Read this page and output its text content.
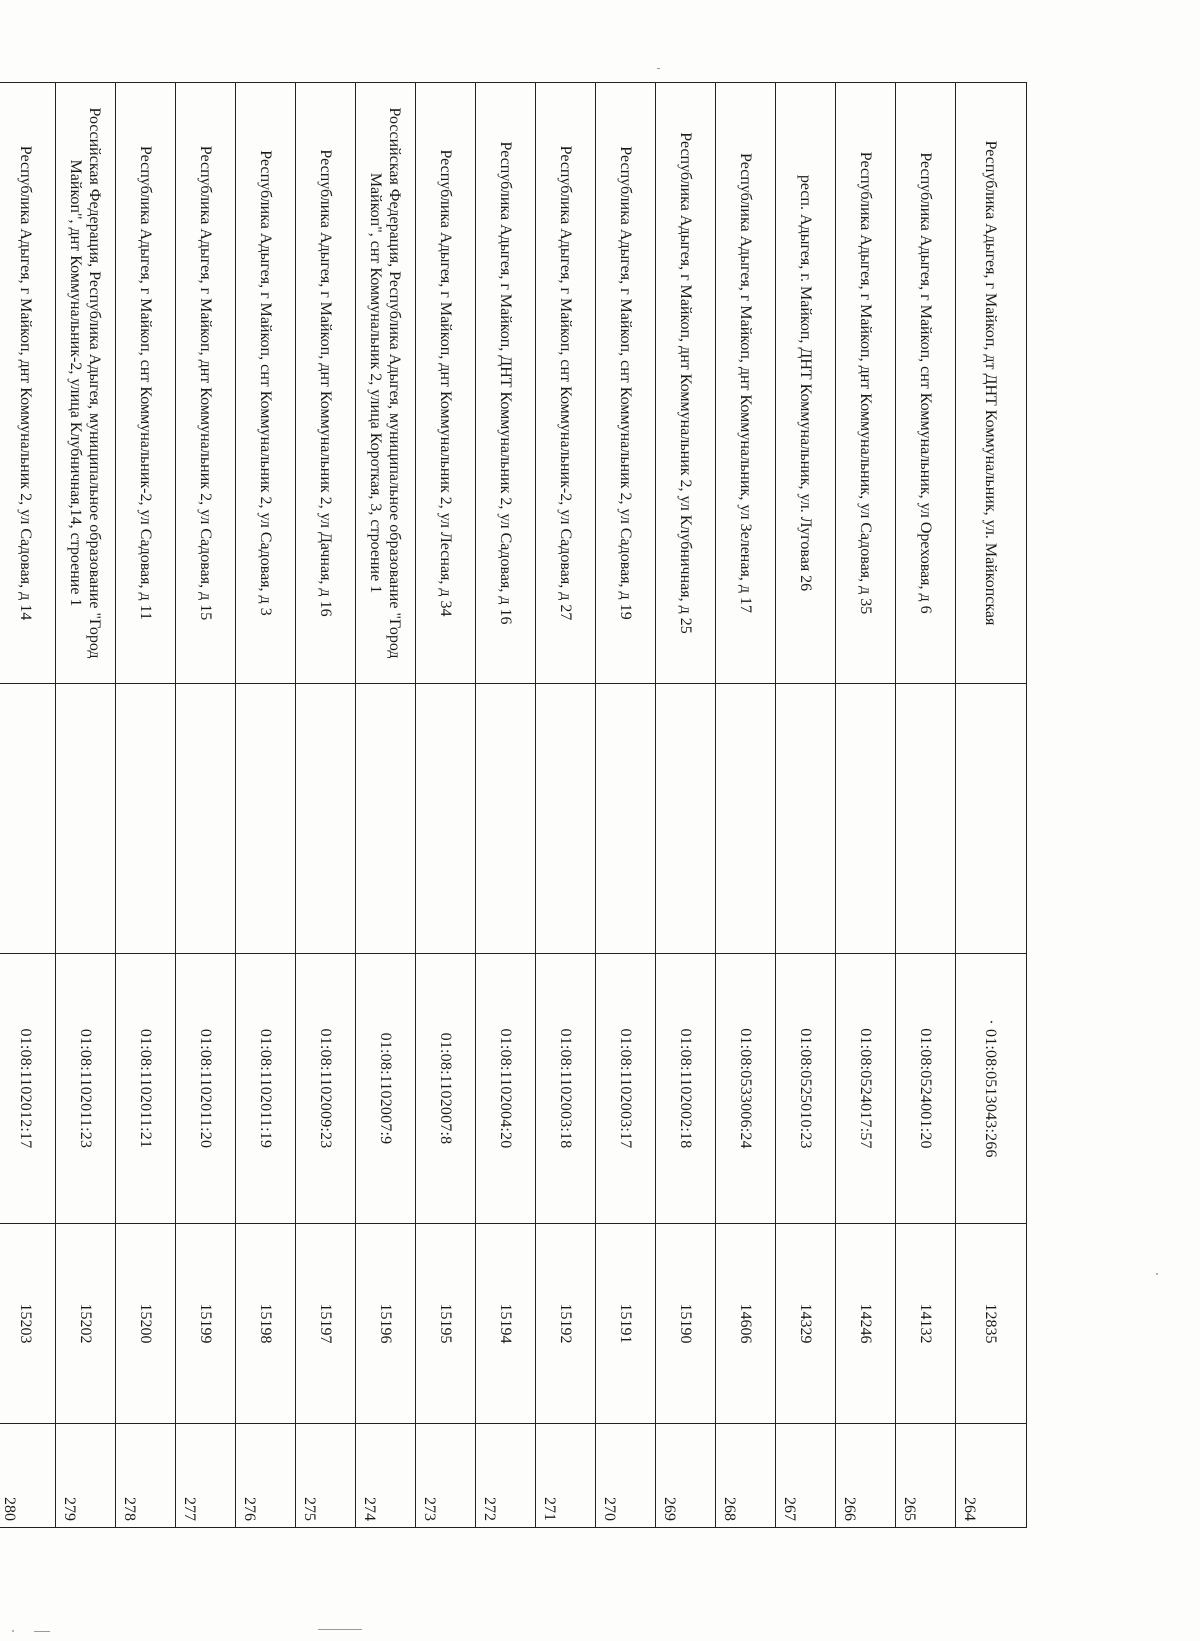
Республика Адыгея, г Майкоп, дт ДНТ Коммунальник, ул. Майкопская		· 01:08:0513043:266	12835	264
Республика Адыгея, г Майкоп, снт Коммунальник, ул Ореховая, д 6		01:08:0524001:20	14132	265
Республика Адыгея, г Майкоп, днт Коммунальник, ул Садовая, д 35		01:08:0524017:57	14246	266
респ. Адыгея, г. Майкоп, ДНТ Коммунальник, ул. Луговая 26		01:08:0525010:23	14329	267
Республика Адыгея, г Майкоп, днт Коммунальник, ул Зеленая, д 17		01:08:0533006:24	14606	268
Республика Адыгея, г Майкоп, днт Коммунальник 2, ул Клубничная, д 25		01:08:1102002:18	15190	269
Республика Адыгея, г Майкоп, снт Коммунальник 2, ул Садовая, д 19		01:08:1102003:17	15191	270
Республика Адыгея, г Майкоп, снт Коммунальник-2, ул Садовая, д 27		01:08:1102003:18	15192	271
Республика Адыгея, г Майкоп, ДНТ Коммунальник 2, ул Садовая, д 16		01:08:1102004:20	15194	272
Республика Адыгея, г Майкоп, днт Коммунальник 2, ул Лесная, д 34		01:08:1102007:8	15195	273
Российская Федерация, Республика Адыгея, муниципальное образование "Город Майкоп", снт Коммунальник 2, улица Короткая, 3, строение 1		01:08:1102007:9	15196	274
Республика Адыгея, г Майкоп, днт Коммунальник 2, ул Дачная, д 16		01:08:1102009:23	15197	275
Республика Адыгея, г Майкоп, снт Коммунальник 2, ул Садовая, д 3		01:08:1102011:19	15198	276
Республика Адыгея, г Майкоп, днт Коммунальник 2, ул Садовая, д 15		01:08:1102011:20	15199	277
Республика Адыгея, г Майкоп, снт Коммунальник-2, ул Садовая, д 11		01:08:1102011:21	15200	278
Российская Федерация, Республика Адыгея, муниципальное образование "Город Майкоп", днт Коммунальник-2, улица Клубничная,14, строение 1		01:08:1102011:23	15202	279
Республика Адыгея, г Майкоп, днт Коммунальник 2, ул Садовая, д 14		01:08:1102012:17	15203	280
